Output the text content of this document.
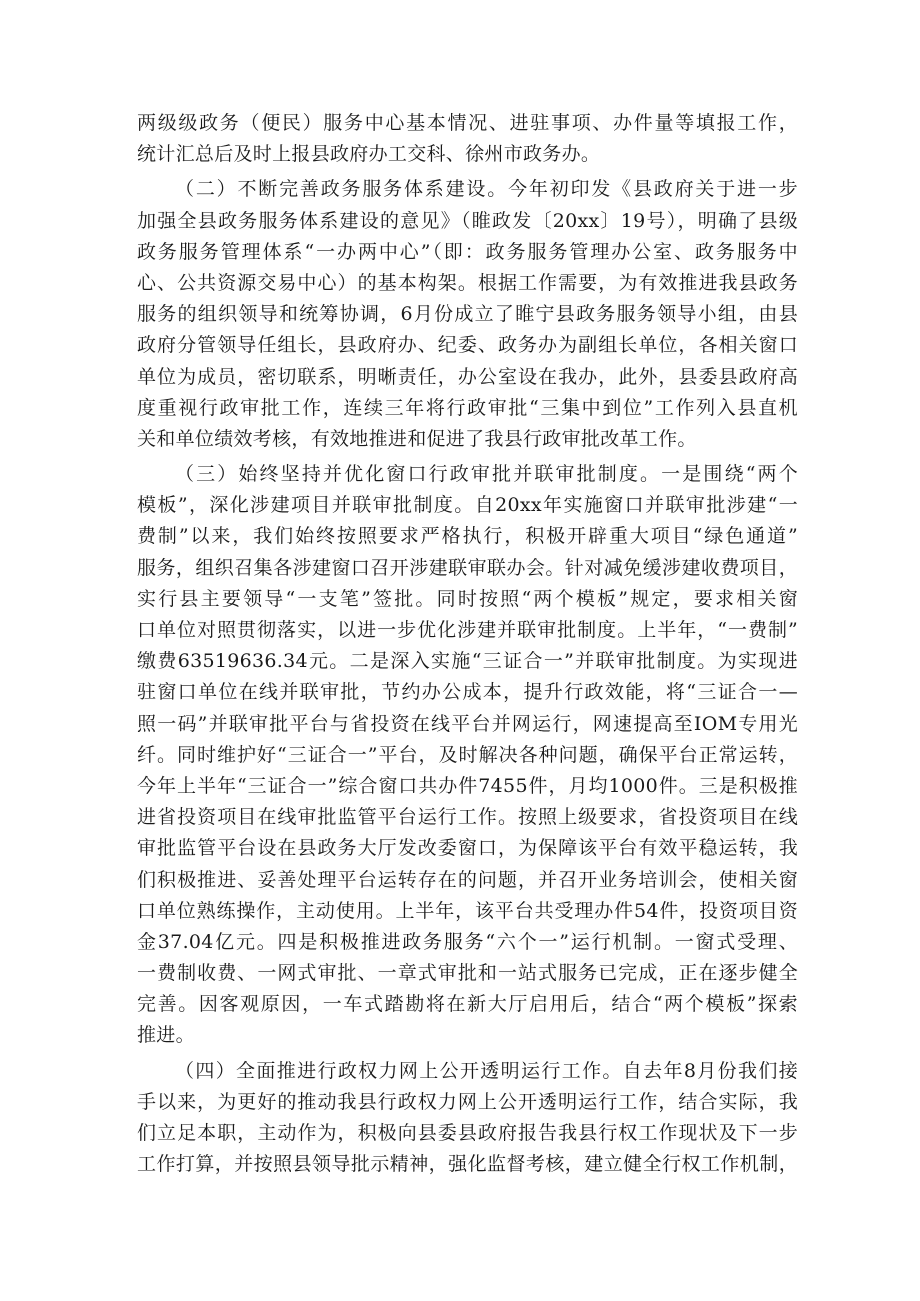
两级级政务（便民）服务中心基本情况、进驻事项、办件量等填报工作，
统计汇总后及时上报县政府办工交科、徐州市政务办。
（二）不断完善政务服务体系建设。今年初印发《县政府关于进一步
加强全县政务服务体系建设的意见》（睢政发〔20xx〕19号），明确了县级
政务服务管理体系“一办两中心”（即：政务服务管理办公室、政务服务中
心、公共资源交易中心）的基本构架。根据工作需要，为有效推进我县政务
服务的组织领导和统筹协调，6月份成立了睢宁县政务服务领导小组，由县
政府分管领导任组长，县政府办、纪委、政务办为副组长单位，各相关窗口
单位为成员，密切联系，明晰责任，办公室设在我办，此外，县委县政府高
度重视行政审批工作，连续三年将行政审批“三集中到位”工作列入县直机
关和单位绩效考核，有效地推进和促进了我县行政审批改革工作。
（三）始终坚持并优化窗口行政审批并联审批制度。一是围绕“两个
模板”，深化涉建项目并联审批制度。自20xx年实施窗口并联审批涉建“一
费制”以来，我们始终按照要求严格执行，积极开辟重大项目“绿色通道”
服务，组织召集各涉建窗口召开涉建联审联办会。针对减免缓涉建收费项目，
实行县主要领导“一支笔”签批。同时按照“两个模板”规定，要求相关窗
口单位对照贯彻落实，以进一步优化涉建并联审批制度。上半年，“一费制”
缴费63519636.34元。二是深入实施“三证合一”并联审批制度。为实现进
驻窗口单位在线并联审批，节约办公成本，提升行政效能，将“三证合一—
照一码”并联审批平台与省投资在线平台并网运行，网速提高至IOM专用光
纤。同时维护好“三证合一”平台，及时解决各种问题，确保平台正常运转，
今年上半年“三证合一”综合窗口共办件7455件，月均1000件。三是积极推
进省投资项目在线审批监管平台运行工作。按照上级要求，省投资项目在线
审批监管平台设在县政务大厅发改委窗口，为保障该平台有效平稳运转，我
们积极推进、妥善处理平台运转存在的问题，并召开业务培训会，使相关窗
口单位熟练操作，主动使用。上半年，该平台共受理办件54件，投资项目资
金37.04亿元。四是积极推进政务服务“六个一”运行机制。一窗式受理、
一费制收费、一网式审批、一章式审批和一站式服务已完成，正在逐步健全
完善。因客观原因，一车式踏勘将在新大厅启用后，结合“两个模板”探索
推进。
（四）全面推进行政权力网上公开透明运行工作。自去年8月份我们接
手以来，为更好的推动我县行政权力网上公开透明运行工作，结合实际，我
们立足本职，主动作为，积极向县委县政府报告我县行权工作现状及下一步
工作打算，并按照县领导批示精神，强化监督考核，建立健全行权工作机制，
